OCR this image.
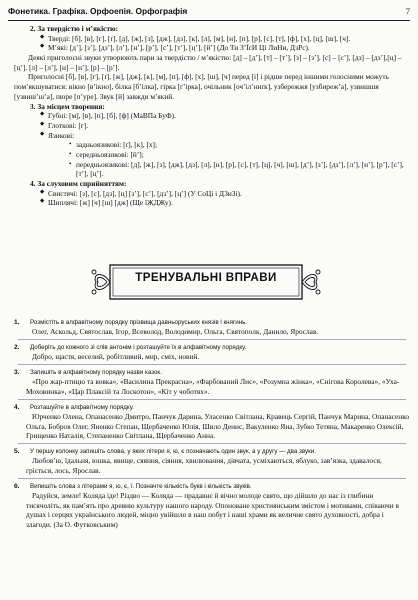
Фонетика. Графіка. Орфоепія. Орфографія	7

2. За твердістю і м’якістю:

◆ Тверді: [б], [в], [г], [ґ], [д], [ж], [з], [дж], [дз], [к], [л], [м], [н], [п], [р], [с], [т], [ф], [х], [ц], [ш], [ч].

◆ М’які: [д’], [з’], [дз’], [л’], [н’], [р’], [с’], [т’], [ц’], [й’] (До Ти З’ЇсИ Ці ЛиНи, ДзРс).

Деякі приголосні звуки утворюють пари за твердістю / м’якістю: [д] – [д’], [т] – [т’], [з] – [з’], [с] – [с’], [дз] – [дз’],[ц] – [ц’], [л] – [л’], [н] – [н’], [р] – [р’].

Приголосні [б], [в], [г], [ґ], [ж], [дж], [к], [м], [п], [ф], [х], [ш], [ч] перед [і] і рідше перед іншими голосними можуть пом’якшуватися: вікно [в’ікно], білка [б’ілка], гірка [г’ірка], очільник [оч’іл’ниґк], узбережжя [узбиреж’а], узвишшя [узвиш’ш’а], пюре [п’уре]. Звук [й] завжди м’який.

3. За місцем творення:

◆ Губні: [м], [в], [п], [б], [ф] (МаВПа БуФ).

◆ Глоткові: [г].

◆ Язикові:

• задньоязикові: [ґ], [к], [х];

• середньоязикові: [й’];

• передньоязикові: [д], [ж], [з], [дж], [дз], [л], [н], [р], [с], [т], [ц], [ч], [ш], [д’], [з’], [дз’], [л’], [н’], [р’], [с’], [т’], [ц’].

4. За слуховим сприйняттям:

◆ Свистячі: [з], [с], [дз], [ц] [з’], [с’], [дз’], [ц’] (У СоЦі і ДЗиЗі).

◆ Шиплячі: [ж] [ч] [ш] [дж] (Ще їЖДЖу).

ТРЕНУВАЛЬНІ ВПРАВИ
1. Розмістіть в алфавітному порядку прізвища давньоруських князів і княгинь.
Олег, Аскольд, Святослав, Ігор, Всеволод, Володимир, Ольга, Святополк, Данило, Ярослав.
2. Доберіть до кожного зі слів антонім і розташуйте їх в алфавітному порядку.
Добро, щастя, веселий, робітливий, мир, сміх, новий.
3. Запишіть в алфавітному порядку назви казок.
«Про жар-птицю та вовка», «Василина Прекрасна», «Фарбований Лис», «Розумна жінка», «Снігова Королева», «Уха-Моховинка», «Цар Плаксій та Лоскотон», «Кіт у чоботях».
4. Розташуйте в алфавітному порядку.
Юрченко Олена, Опанасенко Дмитро, Панчук Дарина, Уласенко Світлана, Кравець Сергій, Панчук Марина, Опанасенко Ольга, Бобров Олег, Яненко Степан, Щербаченко Юлія, Шило Денис, Вакуленко Яна, Зубко Тетяна, Макаренко Олексій, Грищенко Наталія, Степаненко Світлана, Щербаченко Анна.
5. У першу колонку запишіть слова, у яких літери я, ю, є позначають один звук, а у другу — два звуки.
Любов’ю, їдальня, юшка, явище, сяяння, сіяння, хвилювання, дівчата, усміхаються, яблуко, зав’язка, здавалося, гріється, лось, Ярослав.
6. Випишіть слова з літерами я, ю, є, ї. Позначте кількість букв і кількість звуків.
Радуйся, земле! Коляда іде! Різдво — Коляда — прадавнє й вічно молоде свято, що дійшло до нас із глибини тисячоліть, як пам’ять про древню культуру нашого народу. Опоноване християнським змістом і мотивами, співаючи в душах і серцях українського людей, міцно увійшло в наш побут і наші храми як величне свято духовності, добра і злагоди. (За О. Футковським)
